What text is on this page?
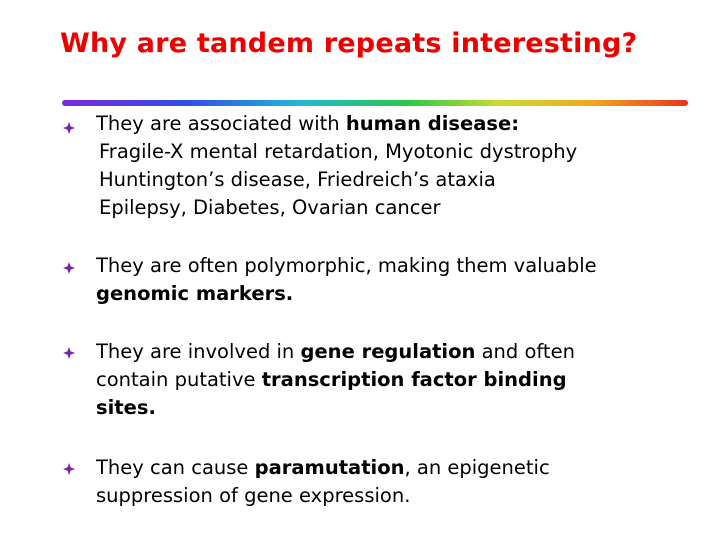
Why are tandem repeats interesting?
They are associated with human disease:
Fragile-X mental retardation, Myotonic dystrophy
Huntington’s disease, Friedreich’s ataxia
Epilepsy, Diabetes, Ovarian cancer
They are often polymorphic, making them valuable
genomic markers.
They are involved in gene regulation and often
contain putative transcription factor binding
sites.
They can cause paramutation, an epigenetic
suppression of gene expression.
